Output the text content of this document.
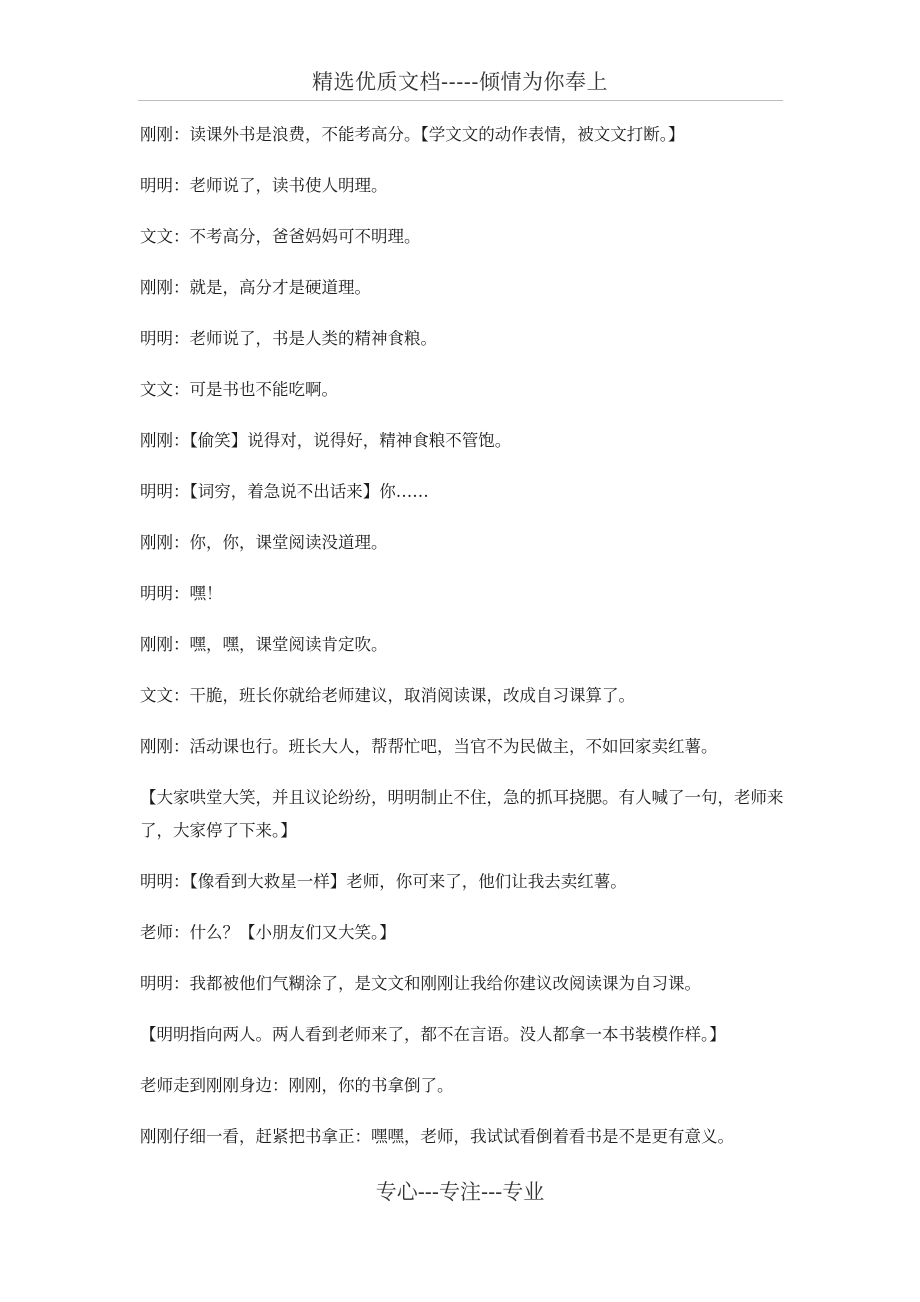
精选优质文档-----倾情为你奉上

刚刚：读课外书是浪费，不能考高分。【学文文的动作表情，被文文打断。】

明明：老师说了，读书使人明理。

文文：不考高分，爸爸妈妈可不明理。

刚刚：就是，高分才是硬道理。

明明：老师说了，书是人类的精神食粮。

文文：可是书也不能吃啊。

刚刚：【偷笑】说得对，说得好，精神食粮不管饱。

明明：【词穷，着急说不出话来】你……

刚刚：你，你，课堂阅读没道理。

明明：嘿！

刚刚：嘿，嘿，课堂阅读肯定吹。

文文：干脆，班长你就给老师建议，取消阅读课，改成自习课算了。

刚刚：活动课也行。班长大人，帮帮忙吧，当官不为民做主，不如回家卖红薯。

【大家哄堂大笑，并且议论纷纷，明明制止不住，急的抓耳挠腮。有人喊了一句，老师来了，大家停了下来。】

明明：【像看到大救星一样】老师，你可来了，他们让我去卖红薯。

老师：什么？【小朋友们又大笑。】

明明：我都被他们气糊涂了，是文文和刚刚让我给你建议改阅读课为自习课。

【明明指向两人。两人看到老师来了，都不在言语。没人都拿一本书装模作样。】

老师走到刚刚身边：刚刚，你的书拿倒了。

刚刚仔细一看，赶紧把书拿正：嘿嘿，老师，我试试看倒着看书是不是更有意义。

专心---专注---专业
